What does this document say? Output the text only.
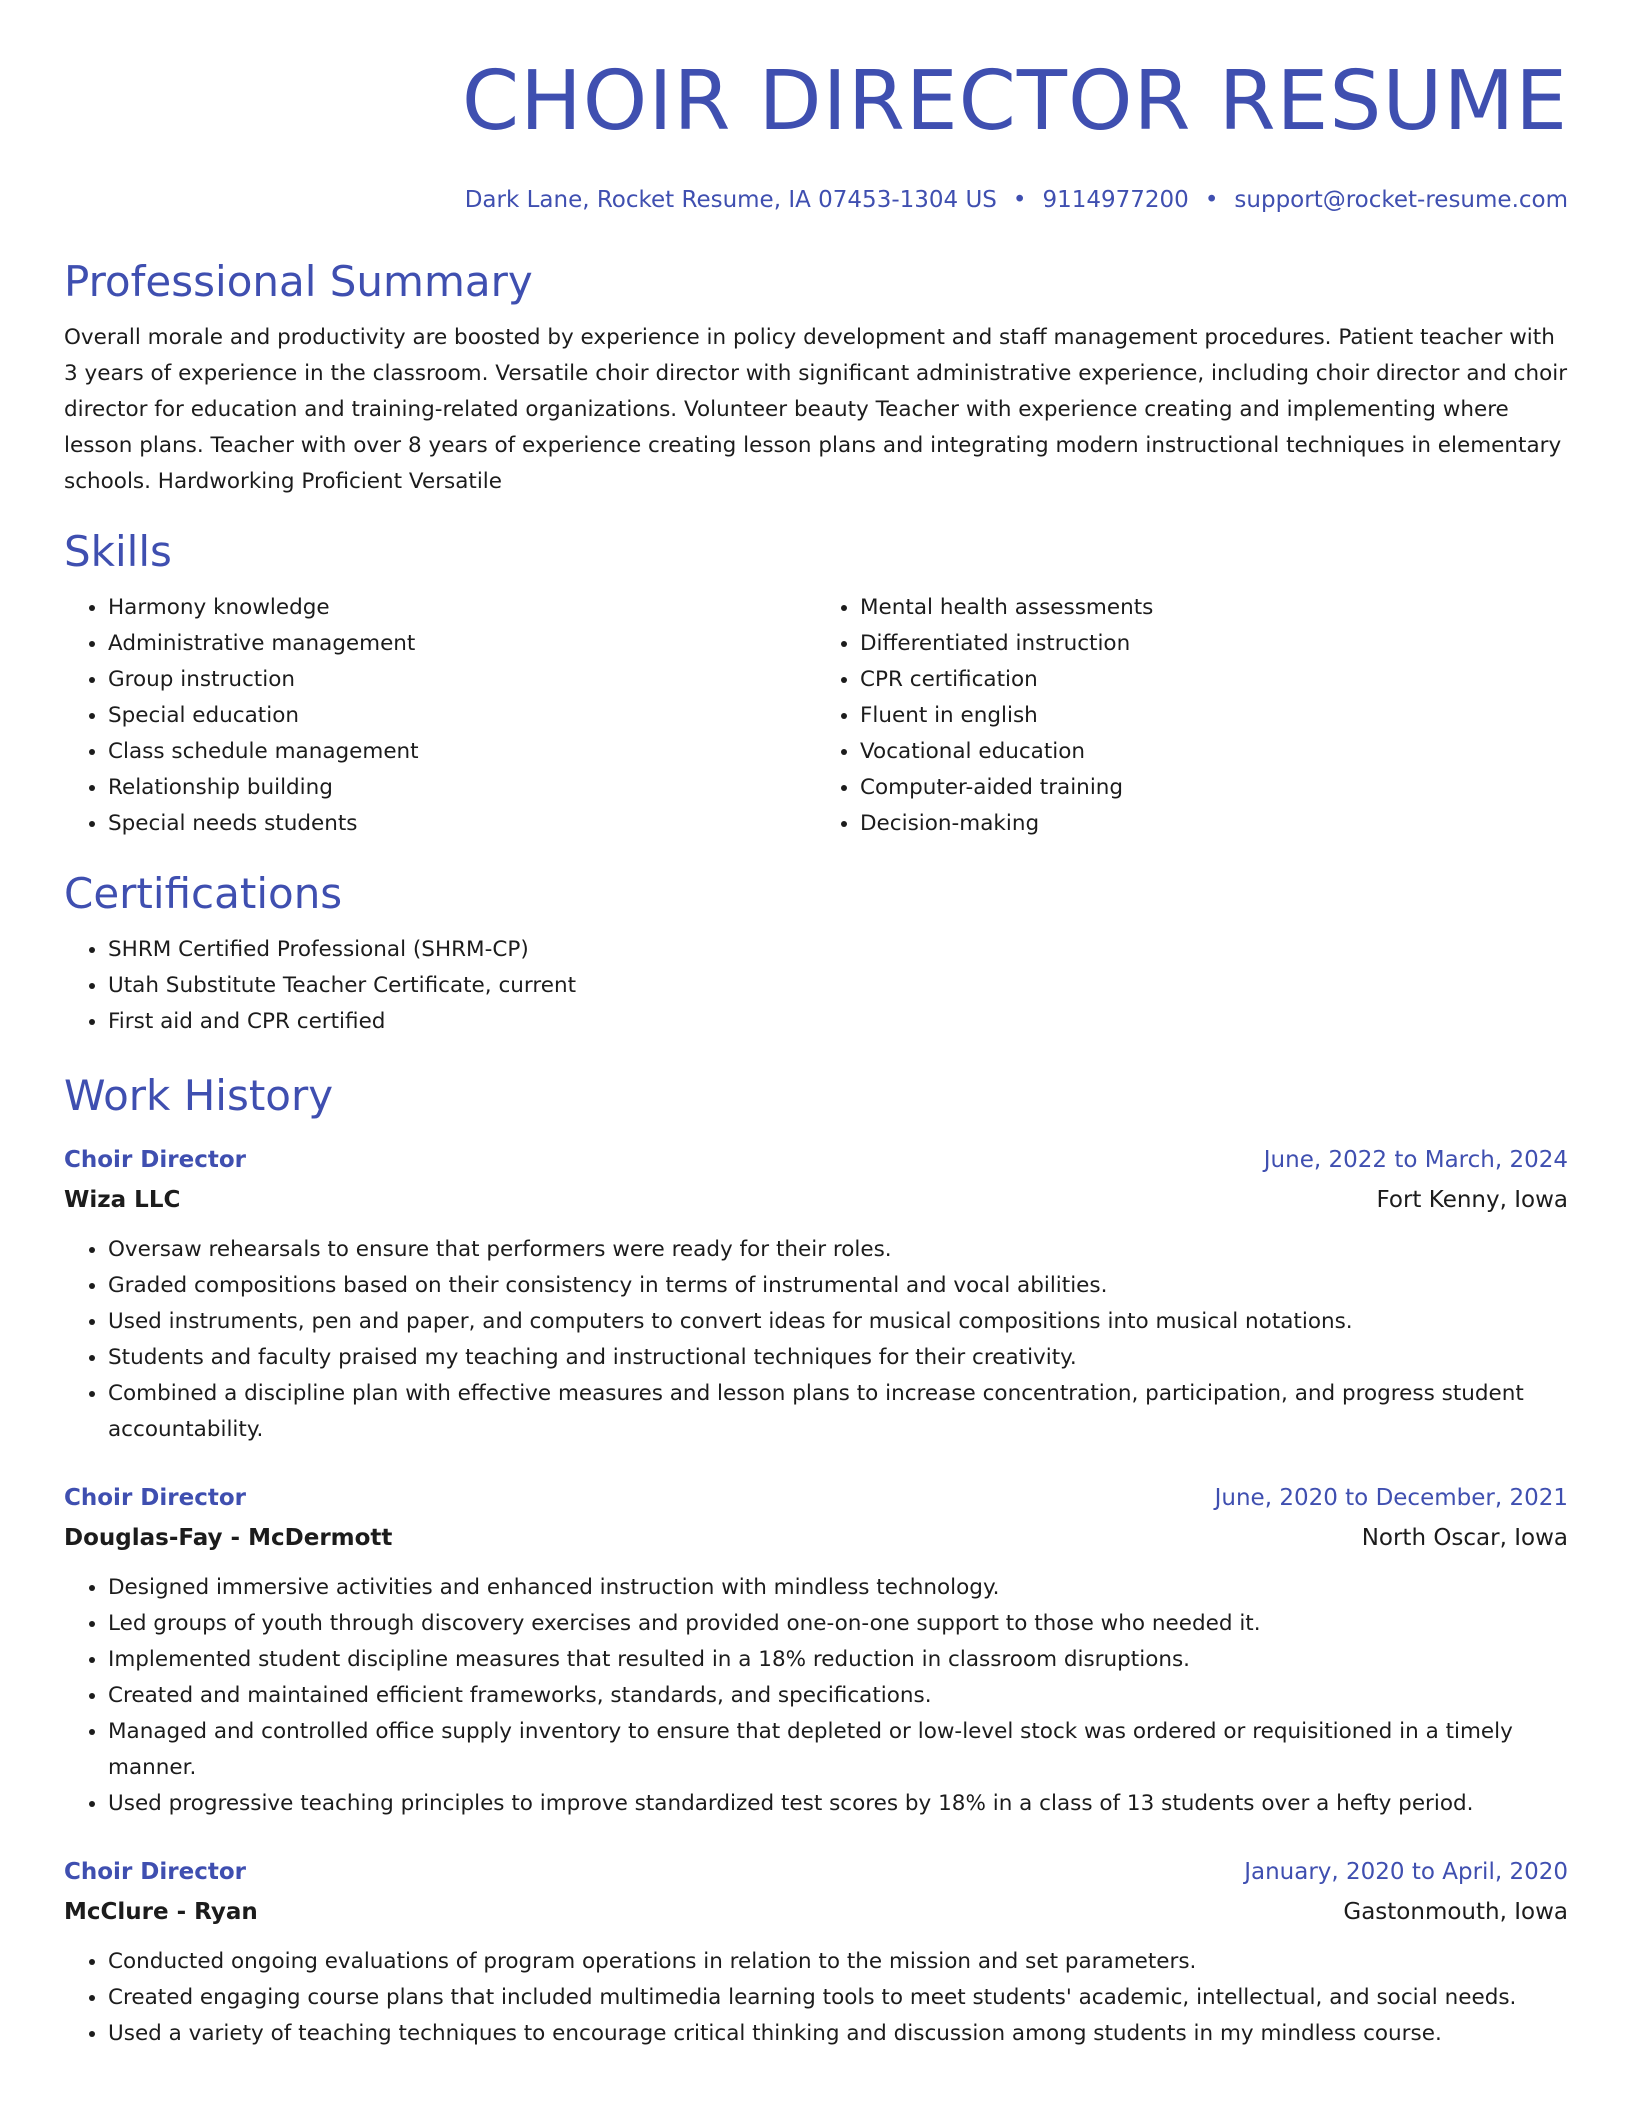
CHOIR DIRECTOR RESUME
Dark Lane, Rocket Resume, IA 07453-1304 US • 9114977200 • support@rocket-resume.com
Professional Summary
Overall morale and productivity are boosted by experience in policy development and staff management procedures. Patient teacher with 3 years of experience in the classroom. Versatile choir director with significant administrative experience, including choir director and choir director for education and training-related organizations. Volunteer beauty Teacher with experience creating and implementing where lesson plans. Teacher with over 8 years of experience creating lesson plans and integrating modern instructional techniques in elementary schools. Hardworking Proficient Versatile
Skills
• Harmony knowledge
• Administrative management
• Group instruction
• Special education
• Class schedule management
• Relationship building
• Special needs students
• Mental health assessments
• Differentiated instruction
• CPR certification
• Fluent in english
• Vocational education
• Computer-aided training
• Decision-making
Certifications
• SHRM Certified Professional (SHRM-CP)
• Utah Substitute Teacher Certificate, current
• First aid and CPR certified
Work History
Choir Director	June, 2022 to March, 2024
Wiza LLC	Fort Kenny, Iowa
• Oversaw rehearsals to ensure that performers were ready for their roles.
• Graded compositions based on their consistency in terms of instrumental and vocal abilities.
• Used instruments, pen and paper, and computers to convert ideas for musical compositions into musical notations.
• Students and faculty praised my teaching and instructional techniques for their creativity.
• Combined a discipline plan with effective measures and lesson plans to increase concentration, participation, and progress student accountability.
Choir Director	June, 2020 to December, 2021
Douglas-Fay - McDermott	North Oscar, Iowa
• Designed immersive activities and enhanced instruction with mindless technology.
• Led groups of youth through discovery exercises and provided one-on-one support to those who needed it.
• Implemented student discipline measures that resulted in a 18% reduction in classroom disruptions.
• Created and maintained efficient frameworks, standards, and specifications.
• Managed and controlled office supply inventory to ensure that depleted or low-level stock was ordered or requisitioned in a timely manner.
• Used progressive teaching principles to improve standardized test scores by 18% in a class of 13 students over a hefty period.
Choir Director	January, 2020 to April, 2020
McClure - Ryan	Gastonmouth, Iowa
• Conducted ongoing evaluations of program operations in relation to the mission and set parameters.
• Created engaging course plans that included multimedia learning tools to meet students' academic, intellectual, and social needs.
• Used a variety of teaching techniques to encourage critical thinking and discussion among students in my mindless course.
